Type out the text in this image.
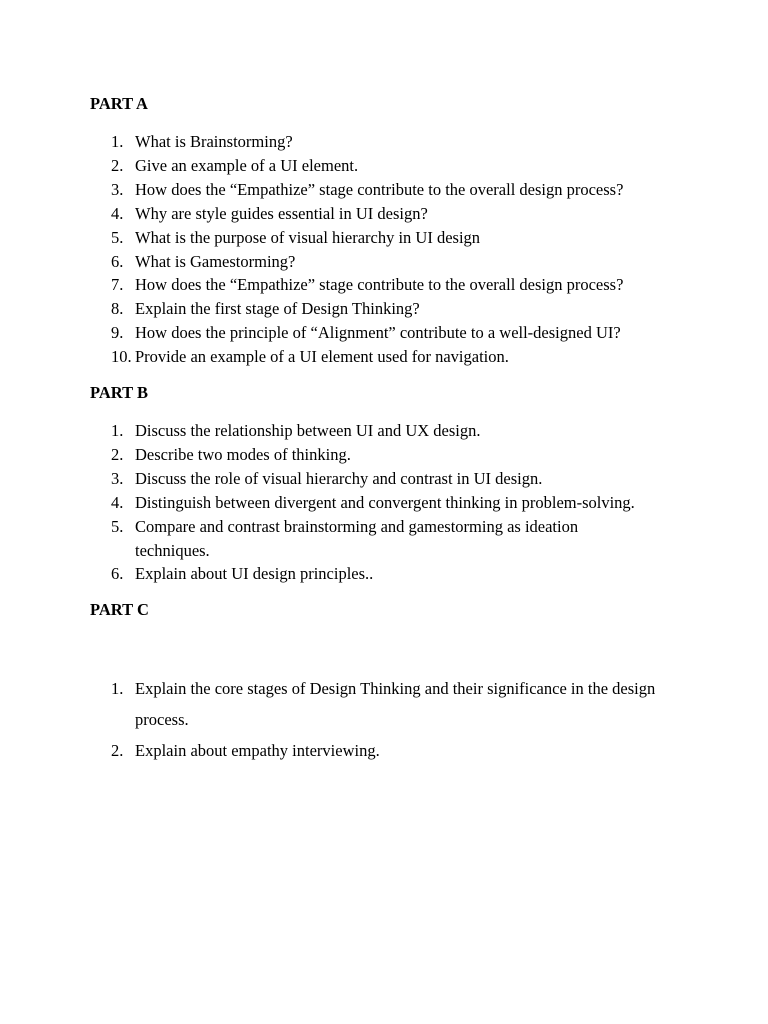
PART A
1. What is Brainstorming?
2. Give an example of a UI element.
3. How does the “Empathize” stage contribute to the overall design process?
4. Why are style guides essential in UI design?
5. What is the purpose of visual hierarchy in UI design
6. What is Gamestorming?
7. How does the “Empathize” stage contribute to the overall design process?
8. Explain the first stage of Design Thinking?
9. How does the principle of “Alignment” contribute to a well-designed UI?
10. Provide an example of a UI element used for navigation.
PART B
1. Discuss the relationship between UI and UX design.
2. Describe two modes of thinking.
3. Discuss the role of visual hierarchy and contrast in UI design.
4. Distinguish between divergent and convergent thinking in problem-solving.
5. Compare and contrast brainstorming and gamestorming as ideation techniques.
6. Explain about UI design principles..
PART C
1. Explain the core stages of Design Thinking and their significance in the design process.
2. Explain about empathy interviewing.
